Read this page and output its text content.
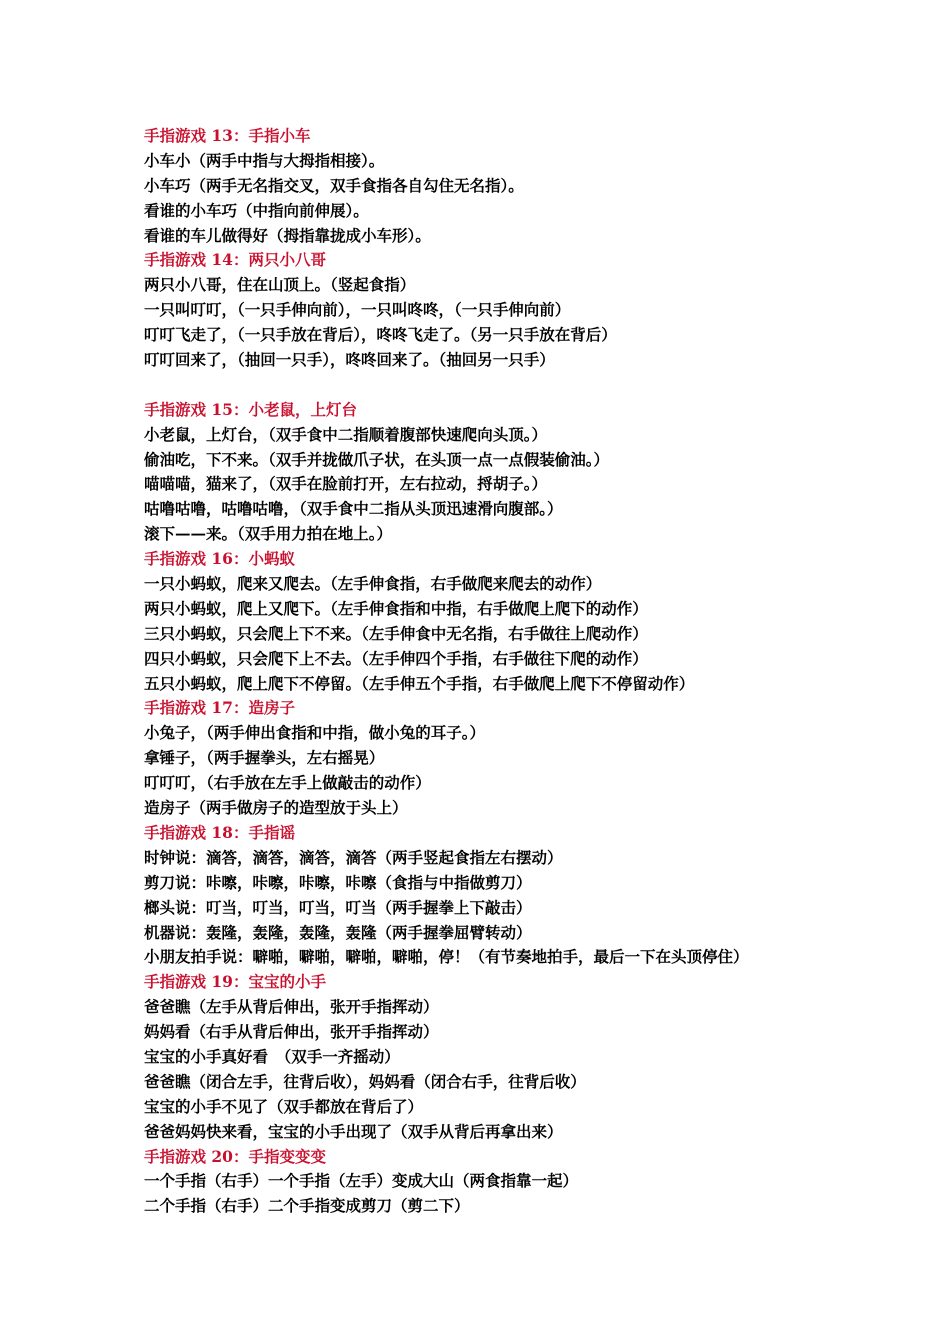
手指游戏 13：手指小车
小车小（两手中指与大拇指相接）。
小车巧（两手无名指交叉，双手食指各自勾住无名指）。
看谁的小车巧（中指向前伸展）。
看谁的车儿做得好（拇指靠拢成小车形）。
手指游戏 14：两只小八哥
两只小八哥，住在山顶上。（竖起食指）
一只叫叮叮，（一只手伸向前），一只叫咚咚，（一只手伸向前）
叮叮飞走了，（一只手放在背后），咚咚飞走了。（另一只手放在背后）
叮叮回来了，（抽回一只手），咚咚回来了。（抽回另一只手）
手指游戏 15：小老鼠，上灯台
小老鼠，上灯台，（双手食中二指顺着腹部快速爬向头顶。）
偷油吃，下不来。（双手并拢做爪子状，在头顶一点一点假装偷油。）
喵喵喵，猫来了，（双手在脸前打开，左右拉动，捋胡子。）
咕噜咕噜，咕噜咕噜，（双手食中二指从头顶迅速滑向腹部。）
滚下——来。（双手用力拍在地上。）
手指游戏 16：小蚂蚁
一只小蚂蚁，爬来又爬去。（左手伸食指，右手做爬来爬去的动作）
两只小蚂蚁，爬上又爬下。（左手伸食指和中指，右手做爬上爬下的动作）
三只小蚂蚁，只会爬上下不来。（左手伸食中无名指，右手做往上爬动作）
四只小蚂蚁，只会爬下上不去。（左手伸四个手指，右手做往下爬的动作）
五只小蚂蚁，爬上爬下不停留。（左手伸五个手指，右手做爬上爬下不停留动作）
手指游戏 17：造房子
小兔子，（两手伸出食指和中指，做小兔的耳子。）
拿锤子，（两手握拳头，左右摇晃）
叮叮叮，（右手放在左手上做敲击的动作）
造房子（两手做房子的造型放于头上）
手指游戏 18：手指谣
时钟说：滴答，滴答，滴答，滴答（两手竖起食指左右摆动）
剪刀说：咔嚓，咔嚓，咔嚓，咔嚓（食指与中指做剪刀）
榔头说：叮当，叮当，叮当，叮当（两手握拳上下敲击）
机器说：轰隆，轰隆，轰隆，轰隆（两手握拳屈臂转动）
小朋友拍手说：噼啪，噼啪，噼啪，噼啪，停！（有节奏地拍手，最后一下在头顶停住）
手指游戏 19：宝宝的小手
爸爸瞧（左手从背后伸出，张开手指挥动）
妈妈看（右手从背后伸出，张开手指挥动）
宝宝的小手真好看　（双手一齐摇动）
爸爸瞧（闭合左手，往背后收），妈妈看（闭合右手，往背后收）
宝宝的小手不见了（双手都放在背后了）
爸爸妈妈快来看，宝宝的小手出现了（双手从背后再拿出来）
手指游戏 20：手指变变变
一个手指（右手）一个手指（左手）变成大山（两食指靠一起）
二个手指（右手）二个手指变成剪刀（剪二下）
